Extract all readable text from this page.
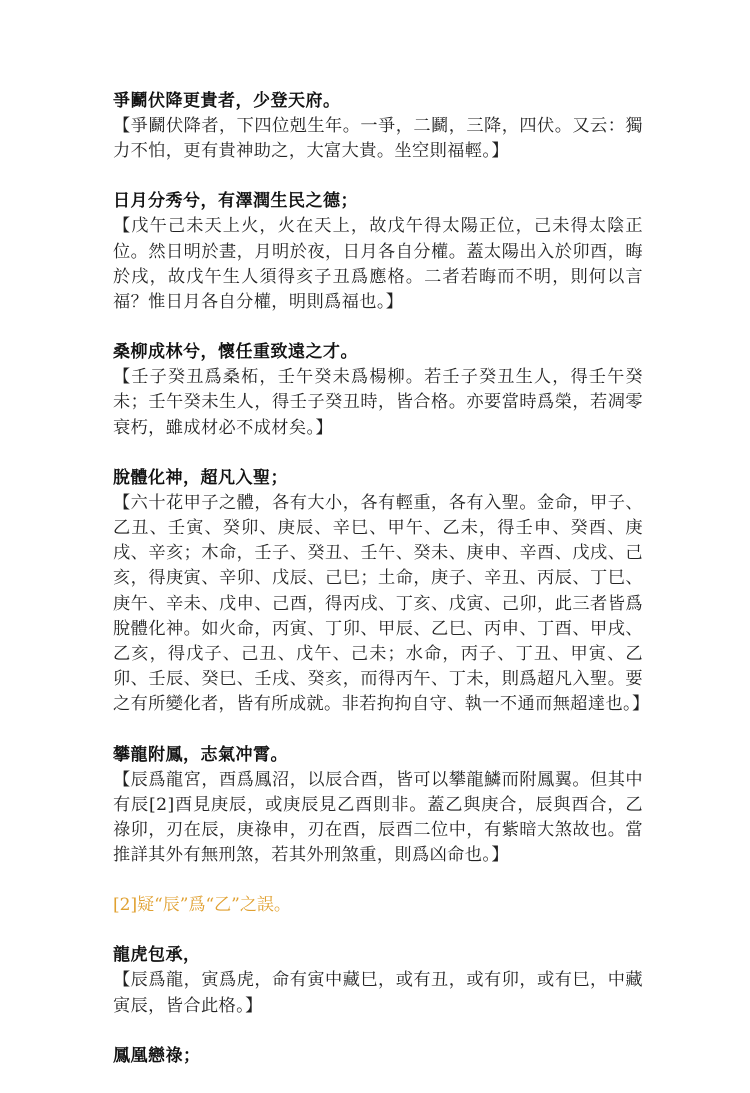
爭鬬伏降更貴者，少登天府。
【爭鬬伏降者，下四位剋生年。一爭，二鬬，三降，四伏。又云：獨力不怕，更有貴神助之，大富大貴。坐空則福輕。】
日月分秀兮，有澤潤生民之德；
【戊午己未天上火，火在天上，故戊午得太陽正位，己未得太陰正位。然日明於晝，月明於夜，日月各自分權。蓋太陽出入於卯酉，晦於戌，故戊午生人須得亥子丑爲應格。二者若晦而不明，則何以言福？惟日月各自分權，明則爲福也。】
桑柳成林兮，懷任重致遠之才。
【壬子癸丑爲桑柘，壬午癸未爲楊柳。若壬子癸丑生人，得壬午癸未；壬午癸未生人，得壬子癸丑時，皆合格。亦要當時爲榮，若凋零衰朽，雖成材必不成材矣。】
脫體化神，超凡入聖；
【六十花甲子之體，各有大小，各有輕重，各有入聖。金命，甲子、乙丑、壬寅、癸卯、庚辰、辛巳、甲午、乙未，得壬申、癸酉、庚戌、辛亥；木命，壬子、癸丑、壬午、癸未、庚申、辛酉、戊戌、己亥，得庚寅、辛卯、戊辰、己巳；土命，庚子、辛丑、丙辰、丁巳、庚午、辛未、戊申、己酉，得丙戌、丁亥、戊寅、己卯，此三者皆爲脫體化神。如火命，丙寅、丁卯、甲辰、乙巳、丙申、丁酉、甲戌、乙亥，得戊子、己丑、戊午、己未；水命，丙子、丁丑、甲寅、乙卯、壬辰、癸巳、壬戌、癸亥，而得丙午、丁未，則爲超凡入聖。要之有所變化者，皆有所成就。非若拘拘自守、執一不通而無超達也。】
攀龍附鳳，志氣冲霄。
【辰爲龍宮，酉爲鳳沼，以辰合酉，皆可以攀龍鱗而附鳳翼。但其中有辰[2]酉見庚辰，或庚辰見乙酉則非。蓋乙與庚合，辰與酉合，乙祿卯，刃在辰，庚祿申，刃在酉，辰酉二位中，有紫暗大煞故也。當推詳其外有無刑煞，若其外刑煞重，則爲凶命也。】
[2]疑“辰”爲“乙”之誤。
龍虎包承，
【辰爲龍，寅爲虎，命有寅中藏巳，或有丑，或有卯，或有巳，中藏寅辰，皆合此格。】
鳳凰戀祿；
